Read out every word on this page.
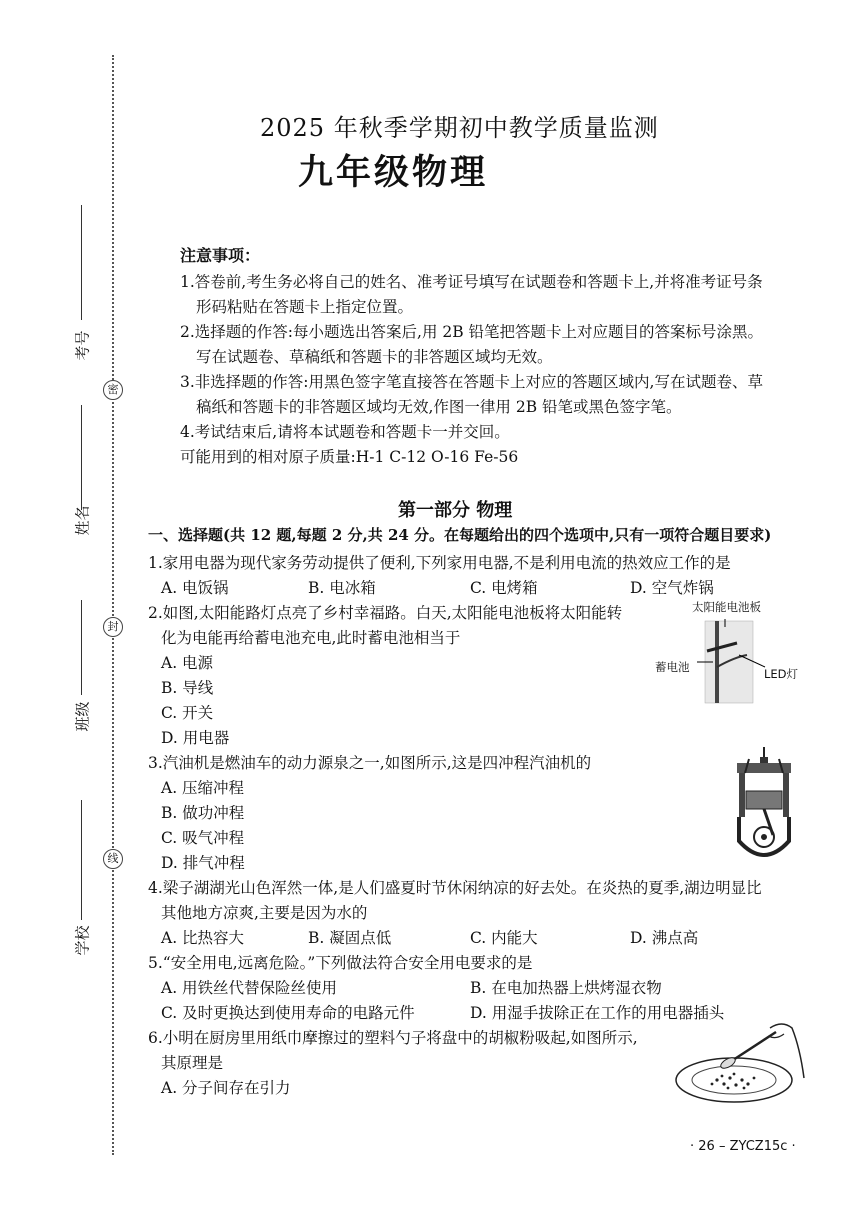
密
封
线
考号
姓名
班级
学校
2025 年秋季学期初中教学质量监测
九年级物理
注意事项：
1.答卷前,考生务必将自己的姓名、准考证号填写在试题卷和答题卡上,并将准考证号条
形码粘贴在答题卡上指定位置。
2.选择题的作答:每小题选出答案后,用 2B 铅笔把答题卡上对应题目的答案标号涂黑。
写在试题卷、草稿纸和答题卡的非答题区域均无效。
3.非选择题的作答:用黑色签字笔直接答在答题卡上对应的答题区域内,写在试题卷、草
稿纸和答题卡的非答题区域均无效,作图一律用 2B 铅笔或黑色签字笔。
4.考试结束后,请将本试题卷和答题卡一并交回。
可能用到的相对原子质量:H-1 C-12 O-16 Fe-56
第一部分 物理
一、选择题(共 12 题,每题 2 分,共 24 分。在每题给出的四个选项中,只有一项符合题目要求)
1.家用电器为现代家务劳动提供了便利,下列家用电器,不是利用电流的热效应工作的是
A. 电饭锅	B. 电冰箱	C. 电烤箱	D. 空气炸锅
2.如图,太阳能路灯点亮了乡村幸福路。白天,太阳能电池板将太阳能转
化为电能再给蓄电池充电,此时蓄电池相当于
A. 电源
B. 导线
C. 开关
D. 用电器
太阳能电池板
蓄电池	LED灯
3.汽油机是燃油车的动力源泉之一,如图所示,这是四冲程汽油机的
A. 压缩冲程
B. 做功冲程
C. 吸气冲程
D. 排气冲程
4.梁子湖湖光山色浑然一体,是人们盛夏时节休闲纳凉的好去处。在炎热的夏季,湖边明显比
其他地方凉爽,主要是因为水的
A. 比热容大	B. 凝固点低	C. 内能大	D. 沸点高
5.“安全用电,远离危险。”下列做法符合安全用电要求的是
A. 用铁丝代替保险丝使用	B. 在电加热器上烘烤湿衣物
C. 及时更换达到使用寿命的电路元件	D. 用湿手拔除正在工作的用电器插头
6.小明在厨房里用纸巾摩擦过的塑料勺子将盘中的胡椒粉吸起,如图所示,
其原理是
A. 分子间存在引力
· 26 – ZYCZ15c ·
